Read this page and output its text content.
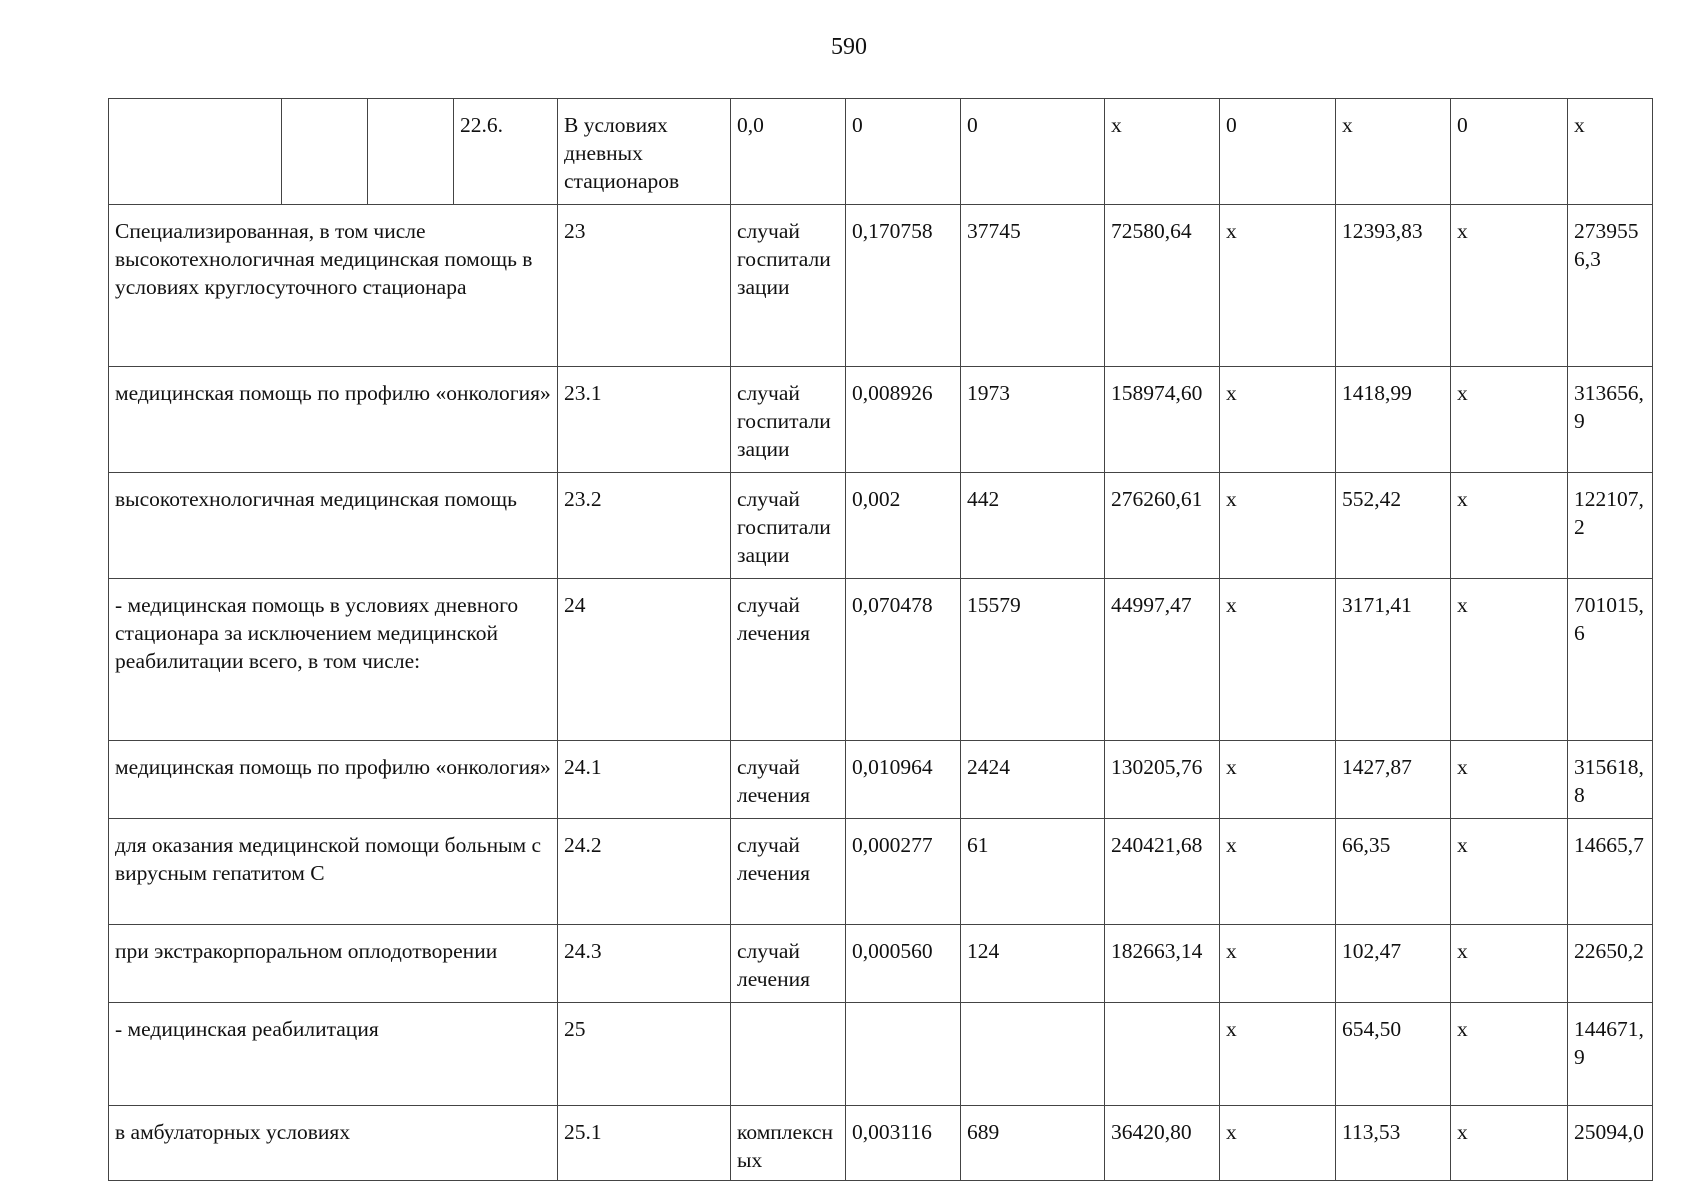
590
			22.6.	В условиях дневных стационаров	0,0	0	0	х	0	х	0	х	
Специализированная, в том числе высокотехнологичная медицинская помощь в условиях круглосуточного стационара				23	случай госпитализации	0,170758	37745	72580,64	х	12393,83	х	2739556,3	
медицинская помощь по профилю «онкология»				23.1	случай госпитализации	0,008926	1973	158974,60	х	1418,99	х	313656,9	
высокотехнологичная медицинская помощь				23.2	случай госпитализации	0,002	442	276260,61	х	552,42	х	122107,2	
- медицинская помощь в условиях дневного стационара за исключением медицинской реабилитации всего, в том числе:				24	случай лечения	0,070478	15579	44997,47	х	3171,41	х	701015,6	
медицинская помощь по профилю «онкология»				24.1	случай лечения	0,010964	2424	130205,76	х	1427,87	х	315618,8	
для оказания медицинской помощи больным с вирусным гепатитом С				24.2	случай лечения	0,000277	61	240421,68	х	66,35	х	14665,7	
при экстракорпоральном оплодотворении				24.3	случай лечения	0,000560	124	182663,14	х	102,47	х	22650,2	
- медицинская реабилитация				25					х	654,50	х	144671,9	
в амбулаторных условиях				25.1	комплексных	0,003116	689	36420,80	х	113,53	х	25094,0	
